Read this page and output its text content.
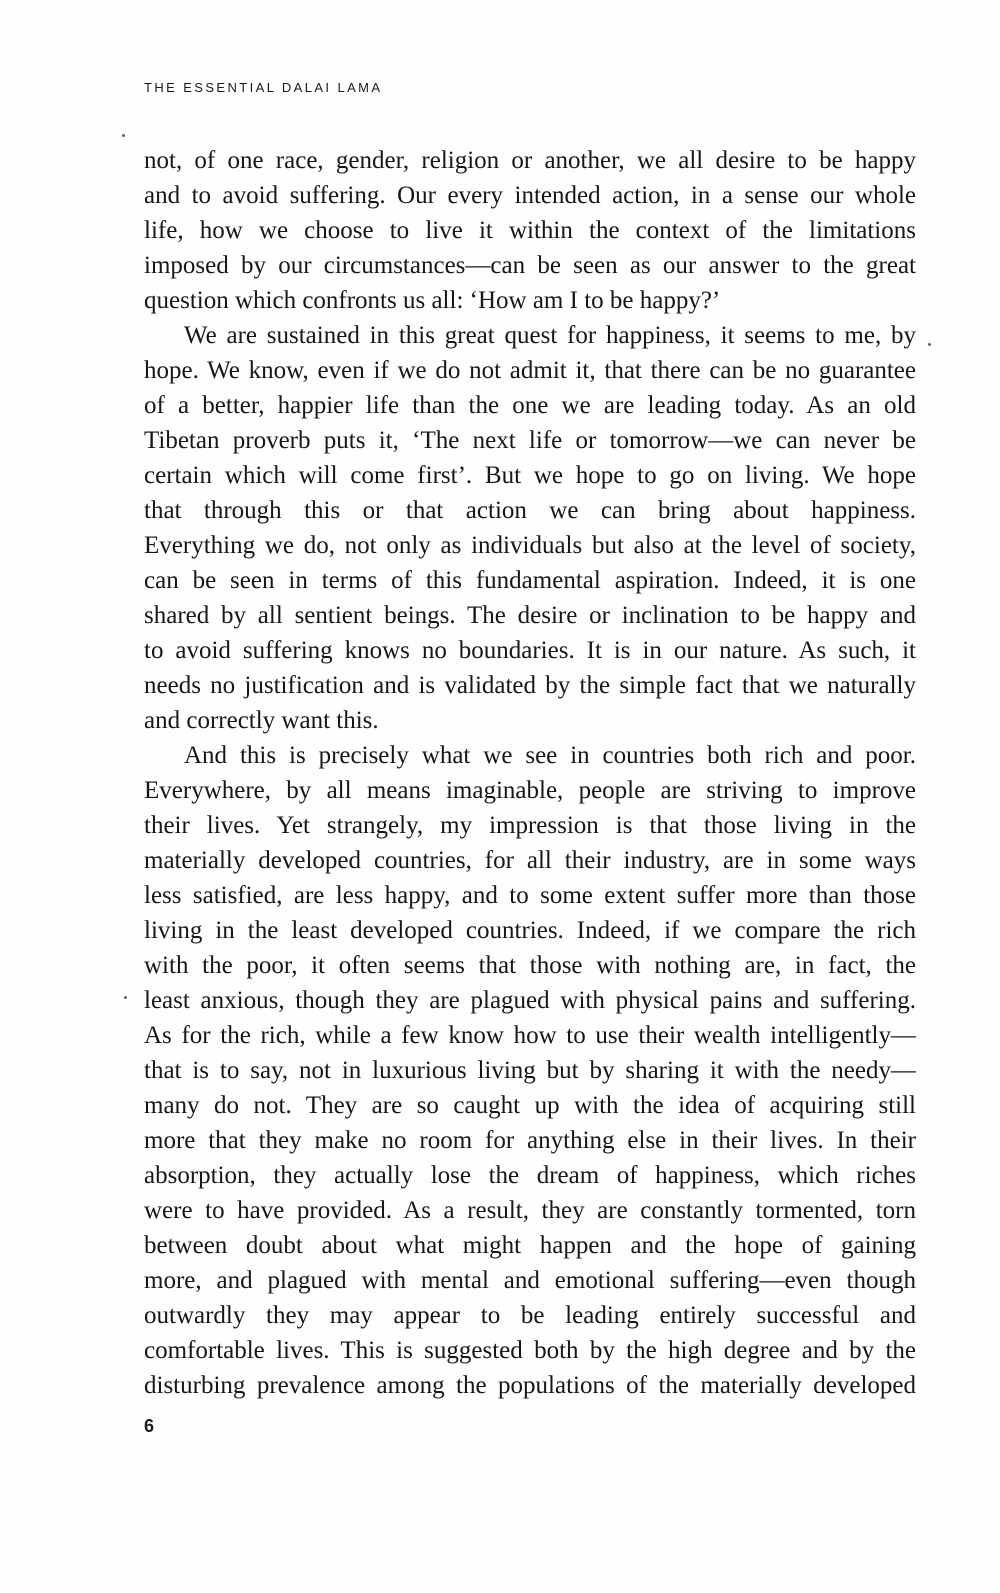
THE ESSENTIAL DALAI LAMA
not, of one race, gender, religion or another, we all desire to be happy
and to avoid suffering. Our every intended action, in a sense our whole
life, how we choose to live it within the context of the limitations
imposed by our circumstances—can be seen as our answer to the great
question which confronts us all: ‘How am I to be happy?’
We are sustained in this great quest for happiness, it seems to me, by
hope. We know, even if we do not admit it, that there can be no guarantee
of a better, happier life than the one we are leading today. As an old
Tibetan proverb puts it, ‘The next life or tomorrow—we can never be
certain which will come first’. But we hope to go on living. We hope
that through this or that action we can bring about happiness.
Everything we do, not only as individuals but also at the level of society,
can be seen in terms of this fundamental aspiration. Indeed, it is one
shared by all sentient beings. The desire or inclination to be happy and
to avoid suffering knows no boundaries. It is in our nature. As such, it
needs no justification and is validated by the simple fact that we naturally
and correctly want this.
And this is precisely what we see in countries both rich and poor.
Everywhere, by all means imaginable, people are striving to improve
their lives. Yet strangely, my impression is that those living in the
materially developed countries, for all their industry, are in some ways
less satisfied, are less happy, and to some extent suffer more than those
living in the least developed countries. Indeed, if we compare the rich
with the poor, it often seems that those with nothing are, in fact, the
least anxious, though they are plagued with physical pains and suffering.
As for the rich, while a few know how to use their wealth intelligently—
that is to say, not in luxurious living but by sharing it with the needy—
many do not. They are so caught up with the idea of acquiring still
more that they make no room for anything else in their lives. In their
absorption, they actually lose the dream of happiness, which riches
were to have provided. As a result, they are constantly tormented, torn
between doubt about what might happen and the hope of gaining
more, and plagued with mental and emotional suffering—even though
outwardly they may appear to be leading entirely successful and
comfortable lives. This is suggested both by the high degree and by the
disturbing prevalence among the populations of the materially developed
6
